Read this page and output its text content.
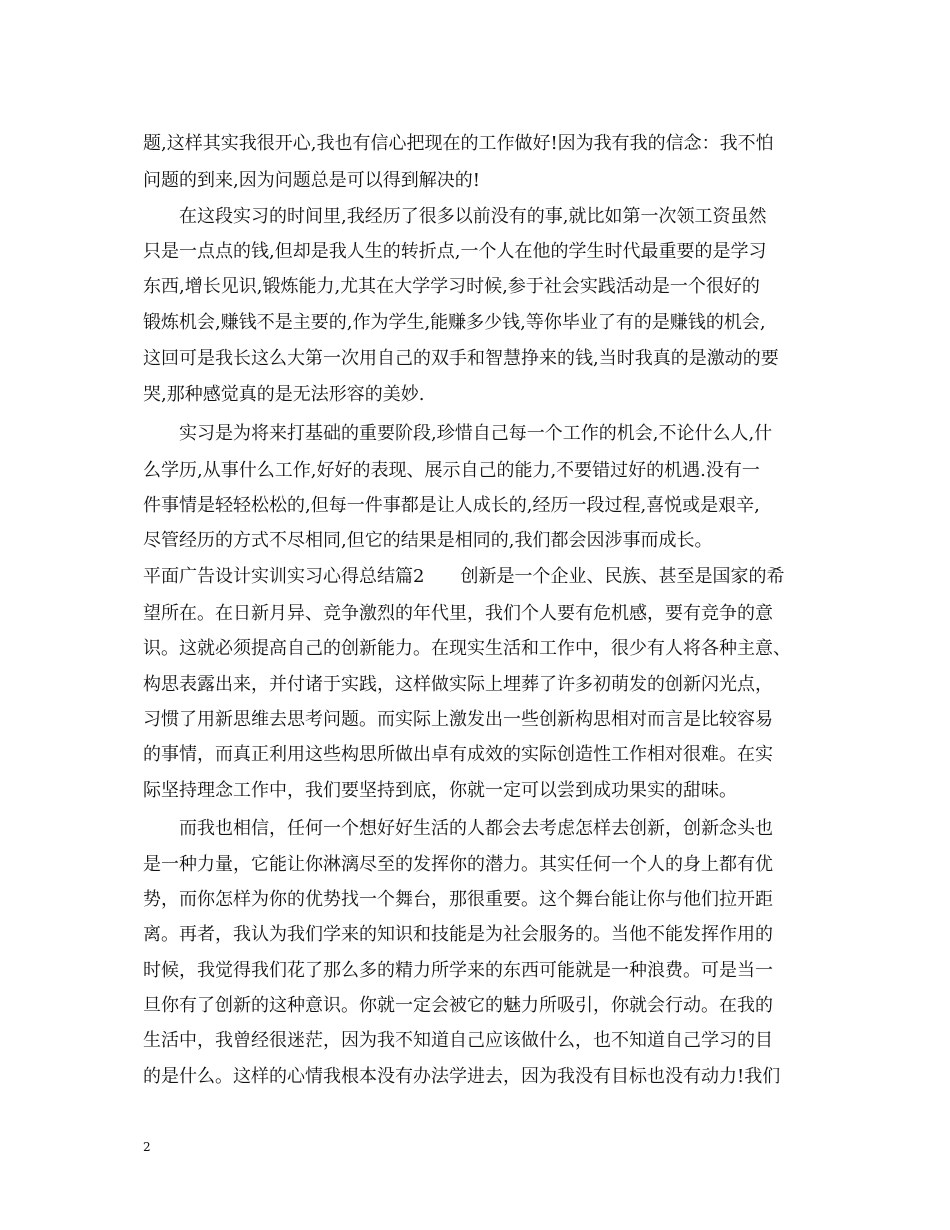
题,这样其实我很开心,我也有信心把现在的工作做好!因为我有我的信念：我不怕
问题的到来,因为问题总是可以得到解决的!
　　在这段实习的时间里,我经历了很多以前没有的事,就比如第一次领工资虽然
只是一点点的钱,但却是我人生的转折点,一个人在他的学生时代最重要的是学习
东西,增长见识,锻炼能力,尤其在大学学习时候,参于社会实践活动是一个很好的
锻炼机会,赚钱不是主要的,作为学生,能赚多少钱,等你毕业了有的是赚钱的机会,
这回可是我长这么大第一次用自己的双手和智慧挣来的钱,当时我真的是激动的要
哭,那种感觉真的是无法形容的美妙.
　　实习是为将来打基础的重要阶段,珍惜自己每一个工作的机会,不论什么人,什
么学历,从事什么工作,好好的表现、展示自己的能力,不要错过好的机遇.没有一
件事情是轻轻松松的,但每一件事都是让人成长的,经历一段过程,喜悦或是艰辛,
尽管经历的方式不尽相同,但它的结果是相同的,我们都会因涉事而成长。
平面广告设计实训实习心得总结篇2　　创新是一个企业、民族、甚至是国家的希
望所在。在日新月异、竞争激烈的年代里，我们个人要有危机感，要有竞争的意
识。这就必须提高自己的创新能力。在现实生活和工作中，很少有人将各种主意、
构思表露出来，并付诸于实践，这样做实际上埋葬了许多初萌发的创新闪光点，
习惯了用新思维去思考问题。而实际上激发出一些创新构思相对而言是比较容易
的事情，而真正利用这些构思所做出卓有成效的实际创造性工作相对很难。在实
际坚持理念工作中，我们要坚持到底，你就一定可以尝到成功果实的甜味。
　　而我也相信，任何一个想好好生活的人都会去考虑怎样去创新，创新念头也
是一种力量，它能让你淋漓尽至的发挥你的潜力。其实任何一个人的身上都有优
势，而你怎样为你的优势找一个舞台，那很重要。这个舞台能让你与他们拉开距
离。再者，我认为我们学来的知识和技能是为社会服务的。当他不能发挥作用的
时候，我觉得我们花了那么多的精力所学来的东西可能就是一种浪费。可是当一
旦你有了创新的这种意识。你就一定会被它的魅力所吸引，你就会行动。在我的
生活中，我曾经很迷茫，因为我不知道自己应该做什么，也不知道自己学习的目
的是什么。这样的心情我根本没有办法学进去，因为我没有目标也没有动力!我们
2
